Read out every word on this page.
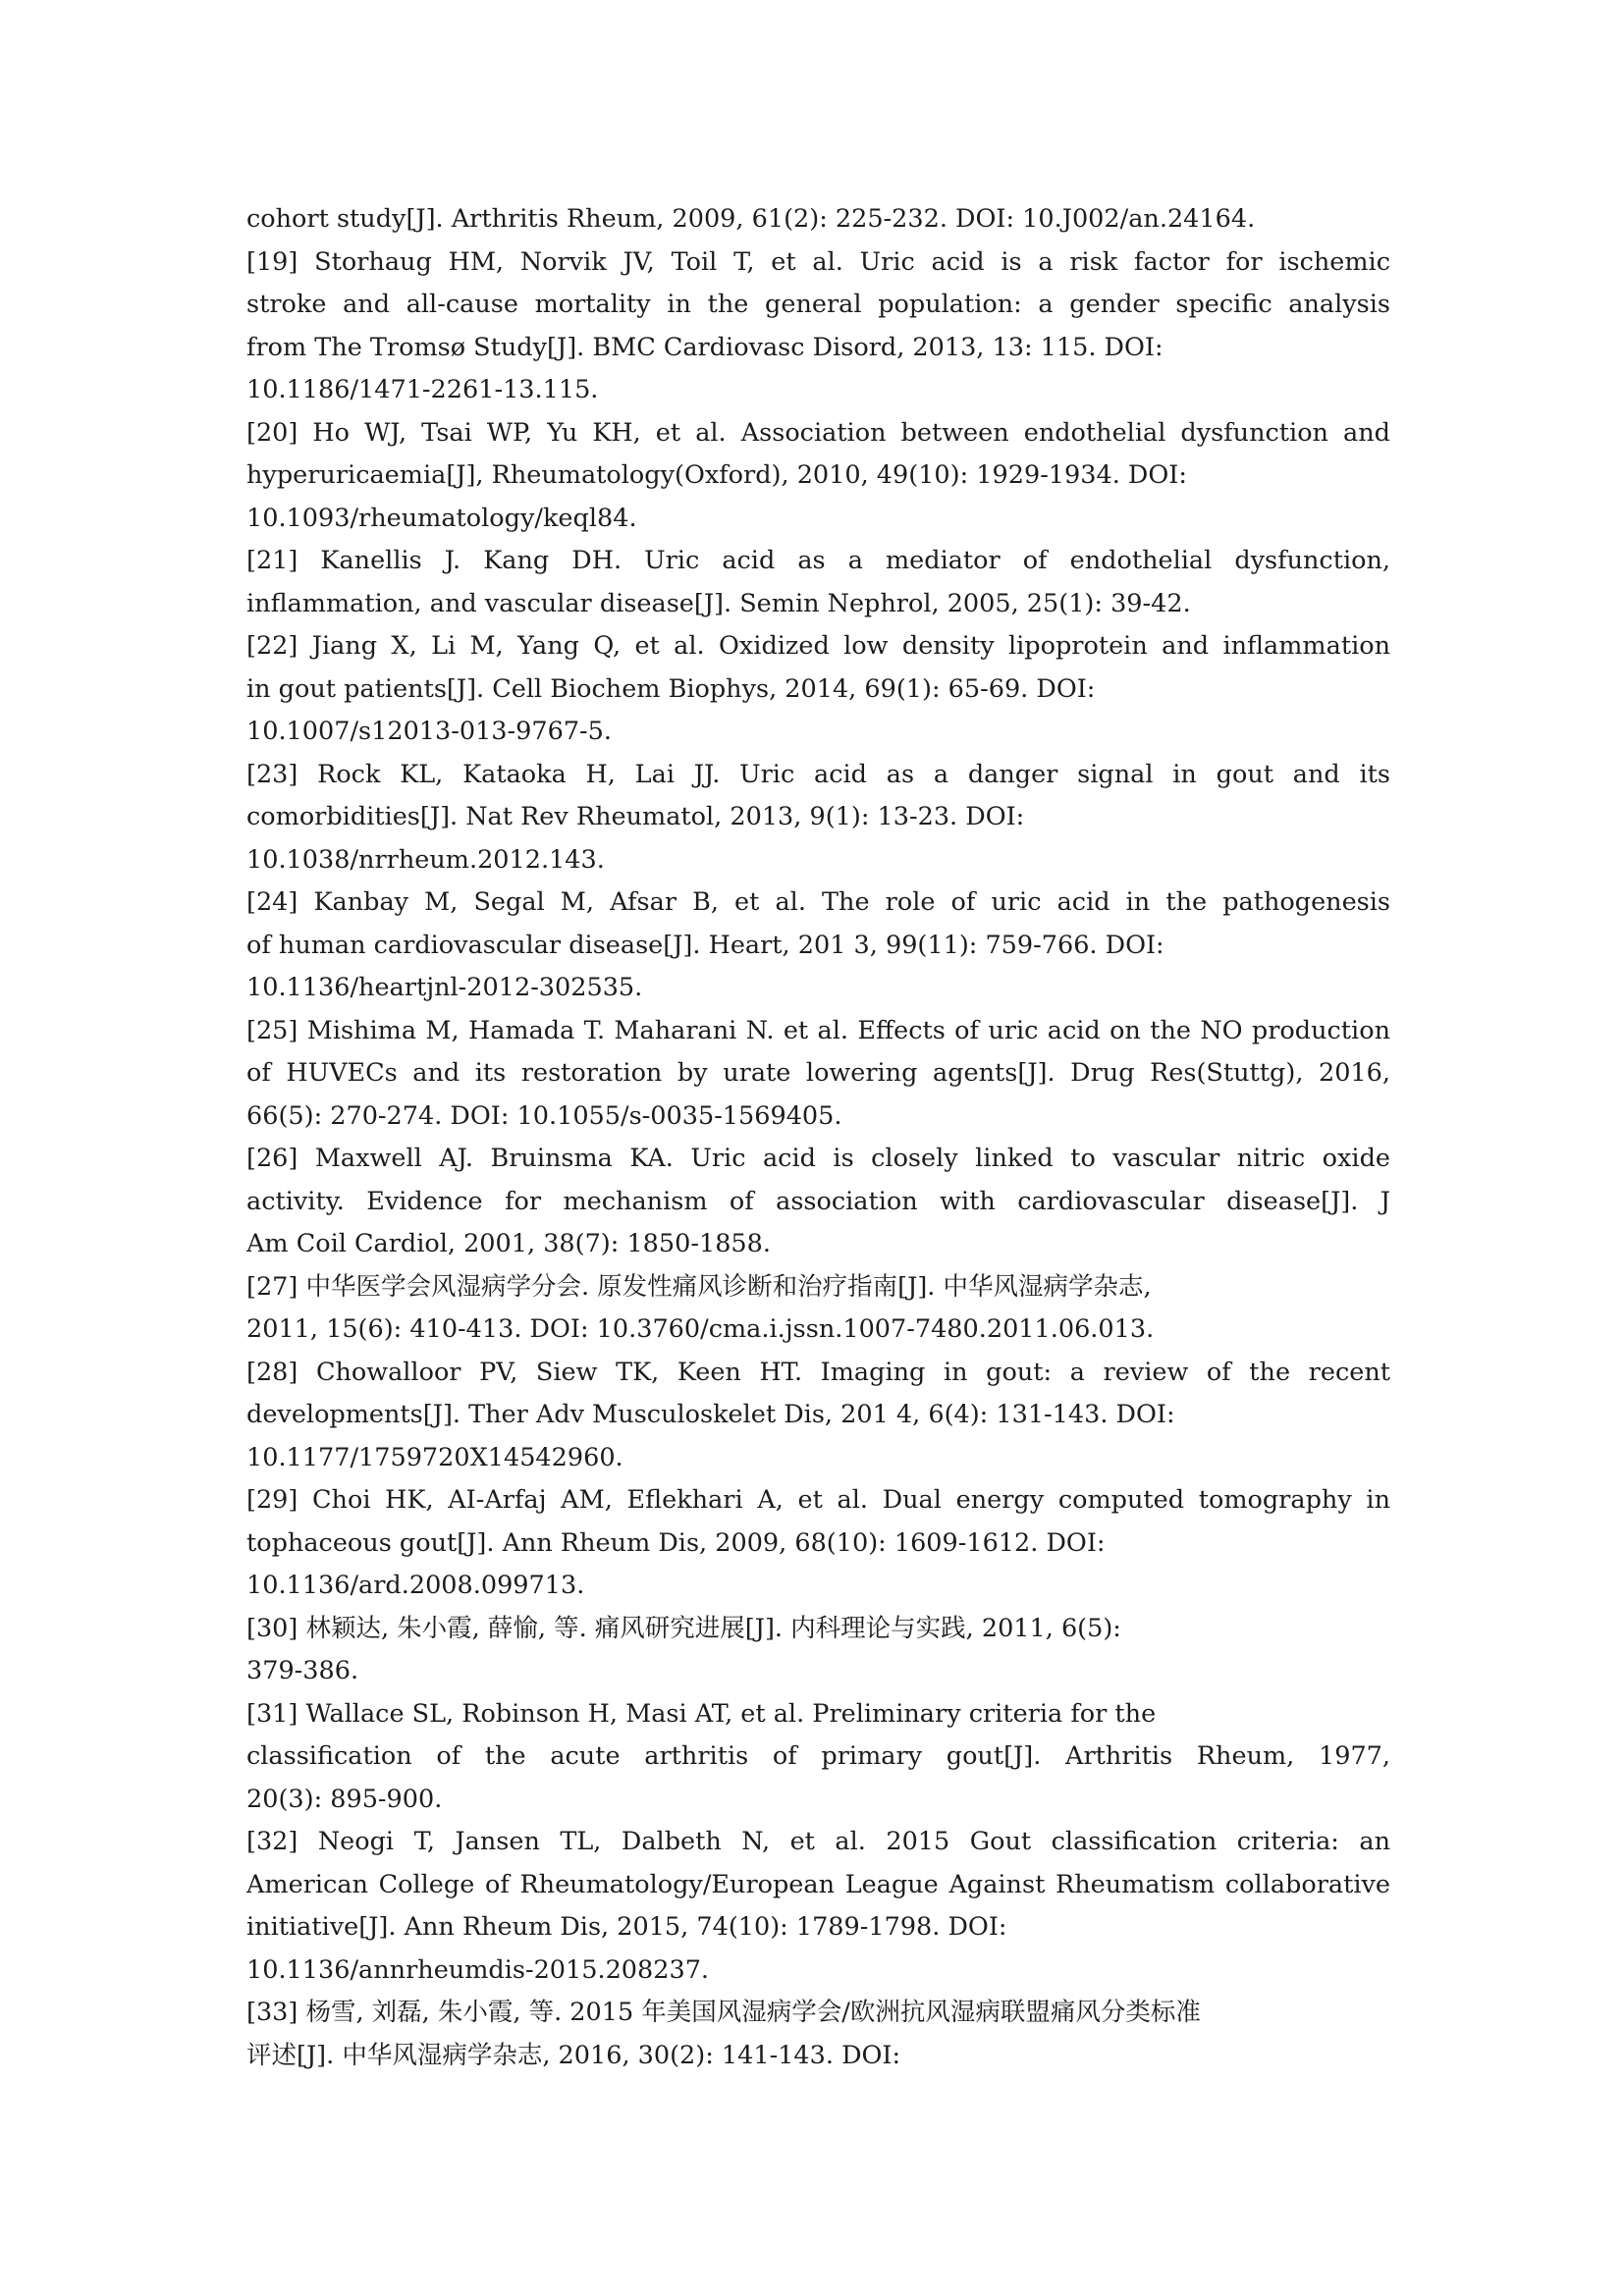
cohort study[J]. Arthritis Rheum, 2009, 61(2): 225-232. DOI: 10.J002/an.24164.
[19] Storhaug HM, Norvik JV, Toil T, et al. Uric acid is a risk factor for ischemic
stroke and all-cause mortality in the general population: a gender specific analysis
from The Tromsø Study[J]. BMC Cardiovasc Disord, 2013, 13: 115. DOI:
10.1186/1471-2261-13.115.
[20] Ho WJ, Tsai WP, Yu KH, et al. Association between endothelial dysfunction and
hyperuricaemia[J], Rheumatology(Oxford), 2010, 49(10): 1929-1934. DOI:
10.1093/rheumatology/keql84.
[21] Kanellis J. Kang DH. Uric acid as a mediator of endothelial dysfunction,
inflammation, and vascular disease[J]. Semin Nephrol, 2005, 25(1): 39-42.
[22] Jiang X, Li M, Yang Q, et al. Oxidized low density lipoprotein and inflammation
in gout patients[J]. Cell Biochem Biophys, 2014, 69(1): 65-69. DOI:
10.1007/s12013-013-9767-5.
[23] Rock KL, Kataoka H, Lai JJ. Uric acid as a danger signal in gout and its
comorbidities[J]. Nat Rev Rheumatol, 2013, 9(1): 13-23. DOI:
10.1038/nrrheum.2012.143.
[24] Kanbay M, Segal M, Afsar B, et al. The role of uric acid in the pathogenesis
of human cardiovascular disease[J]. Heart, 201 3, 99(11): 759-766. DOI:
10.1136/heartjnl-2012-302535.
[25] Mishima M, Hamada T. Maharani N. et al. Effects of uric acid on the NO production
of HUVECs and its restoration by urate lowering agents[J]. Drug Res(Stuttg), 2016,
66(5): 270-274. DOI: 10.1055/s-0035-1569405.
[26] Maxwell AJ. Bruinsma KA. Uric acid is closely linked to vascular nitric oxide
activity. Evidence for mechanism of association with cardiovascular disease[J]. J
Am Coil Cardiol, 2001, 38(7): 1850-1858.
[27] 中华医学会风湿病学分会. 原发性痛风诊断和治疗指南[J]. 中华风湿病学杂志,
2011, 15(6): 410-413. DOI: 10.3760/cma.i.jssn.1007-7480.2011.06.013.
[28] Chowalloor PV, Siew TK, Keen HT. Imaging in gout: a review of the recent
developments[J]. Ther Adv Musculoskelet Dis, 201 4, 6(4): 131-143. DOI:
10.1177/1759720X14542960.
[29] Choi HK, AI-Arfaj AM, Eflekhari A, et al. Dual energy computed tomography in
tophaceous gout[J]. Ann Rheum Dis, 2009, 68(10): 1609-1612. DOI:
10.1136/ard.2008.099713.
[30] 林颖达, 朱小霞, 薛愉, 等. 痛风研究进展[J]. 内科理论与实践, 2011, 6(5):
379-386.
[31] Wallace SL, Robinson H, Masi AT, et al. Preliminary criteria for the
classification of the acute arthritis of primary gout[J]. Arthritis Rheum, 1977,
20(3): 895-900.
[32] Neogi T, Jansen TL, Dalbeth N, et al. 2015 Gout classification criteria: an
American College of Rheumatology/European League Against Rheumatism collaborative
initiative[J]. Ann Rheum Dis, 2015, 74(10): 1789-1798. DOI:
10.1136/annrheumdis-2015.208237.
[33] 杨雪, 刘磊, 朱小霞, 等. 2015 年美国风湿病学会/欧洲抗风湿病联盟痛风分类标准
评述[J]. 中华风湿病学杂志, 2016, 30(2): 141-143. DOI:
